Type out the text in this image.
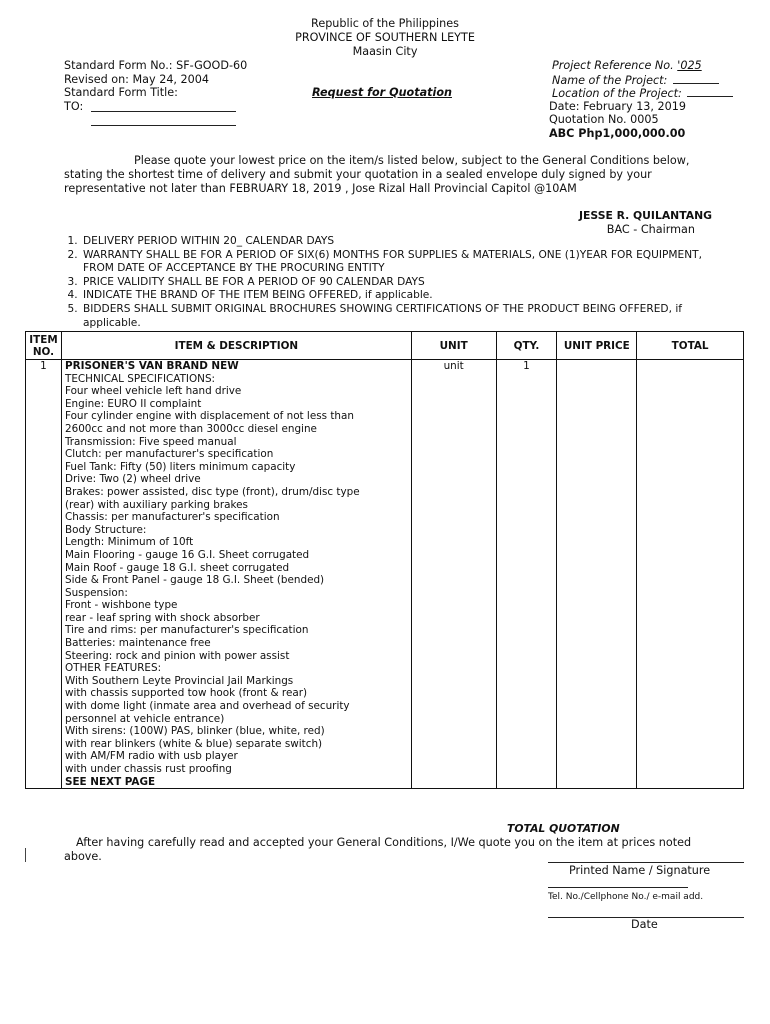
Republic of the Philippines
PROVINCE OF SOUTHERN LEYTE
Maasin City
Standard Form No.: SF-GOOD-60
Revised on: May 24, 2004
Standard Form Title:	Request for Quotation
TO:
Project Reference No. '025
Name of the Project:
Location of the Project:
Date: February 13, 2019
Quotation No. 0005
ABC Php1,000,000.00
Please quote your lowest price on the item/s listed below, subject to the General Conditions below, stating the shortest time of delivery and submit your quotation in a sealed envelope duly signed by your representative not later than FEBRUARY 18, 2019 , Jose Rizal Hall Provincial Capitol @10AM
JESSE R. QUILANTANG
BAC - Chairman
1. DELIVERY PERIOD WITHIN 20_ CALENDAR DAYS
2. WARRANTY SHALL BE FOR A PERIOD OF SIX(6) MONTHS FOR SUPPLIES & MATERIALS, ONE (1)YEAR FOR EQUIPMENT, FROM DATE OF ACCEPTANCE BY THE PROCURING ENTITY
3. PRICE VALIDITY SHALL BE FOR A PERIOD OF 90 CALENDAR DAYS
4. INDICATE THE BRAND OF THE ITEM BEING OFFERED, if applicable.
5. BIDDERS SHALL SUBMIT ORIGINAL BROCHURES SHOWING CERTIFICATIONS OF THE PRODUCT BEING OFFERED, if applicable.
ITEM NO.	ITEM & DESCRIPTION	UNIT	QTY.	UNIT PRICE	TOTAL
1	PRISONER'S VAN BRAND NEW	unit	1		
	TECHNICAL SPECIFICATIONS:				
	Four wheel vehicle left hand drive				
	Engine: EURO II complaint				
	Four cylinder engine with displacement of not less than				
	2600cc and not more than 3000cc diesel engine				
	Transmission: Five speed manual				
	Clutch: per manufacturer's specification				
	Fuel Tank: Fifty (50) liters minimum capacity				
	Drive: Two (2) wheel drive				
	Brakes: power assisted, disc type (front), drum/disc type				
	(rear) with auxiliary parking brakes				
	Chassis: per manufacturer's specification				
	Body Structure:				
	Length: Minimum of 10ft				
	Main Flooring - gauge 16 G.I. Sheet corrugated				
	Main Roof - gauge 18 G.I. sheet corrugated				
	Side & Front Panel - gauge 18 G.I. Sheet (bended)				
	Suspension:				
	Front - wishbone type				
	rear - leaf spring with shock absorber				
	Tire and rims: per manufacturer's specification				
	Batteries: maintenance free				
	Steering: rock and pinion with power assist				
	OTHER FEATURES:				
	With Southern Leyte Provincial Jail Markings				
	with chassis supported tow hook (front & rear)				
	with dome light (inmate area and overhead of security				
	personnel at vehicle entrance)				
	With sirens: (100W) PAS, blinker (blue, white, red)				
	with rear blinkers (white & blue) separate switch)				
	with AM/FM radio with usb player				
	with under chassis rust proofing				
	SEE NEXT PAGE				
TOTAL QUOTATION
After having carefully read and accepted your General Conditions, I/We quote you on the item at prices noted above.
Printed Name / Signature
Tel. No./Cellphone No./ e-mail add.
Date
